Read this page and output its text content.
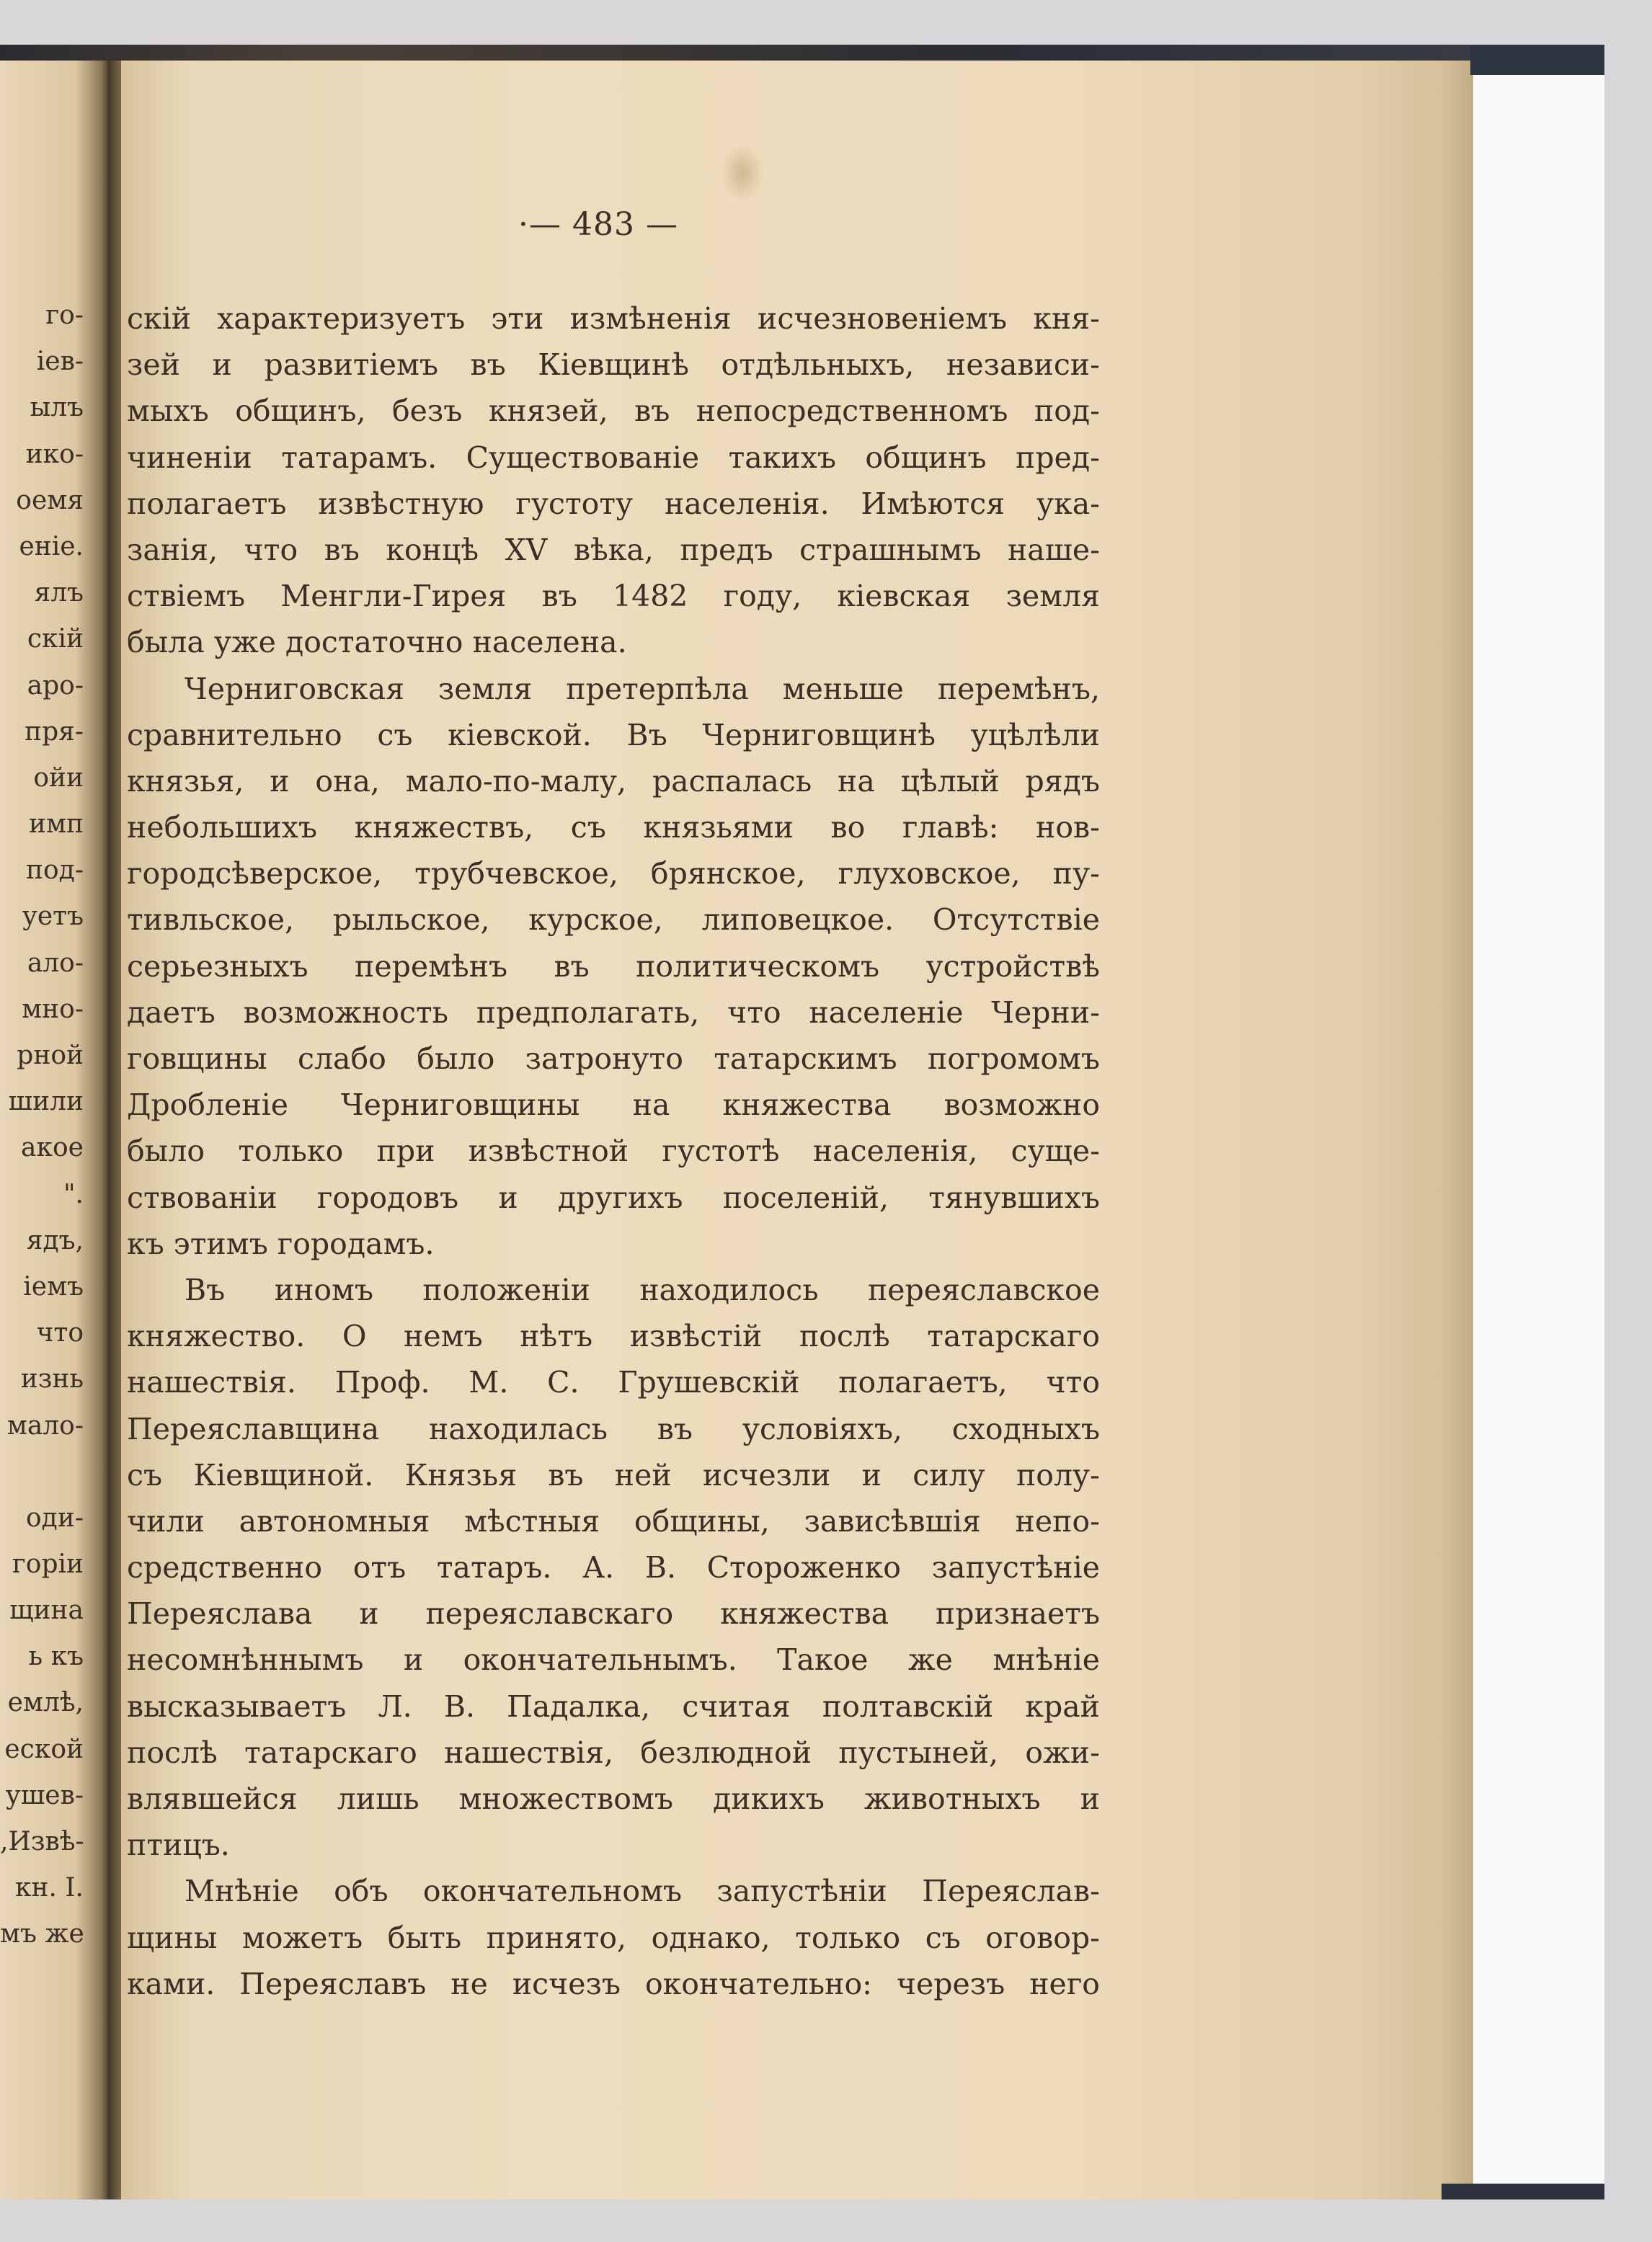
го-
iев-
ылъ
ико-
оемя
енiе.
ялъ
скiй
аро-
пря-
ойи
имп
под-
уетъ
ало-
мно-
рной
шили
акое
".
ядъ,
iемъ
что
изнь
мало-
оди-
горiи
щина
ь къ
емлѣ,
еской
ушев-
,Извѣ-
кн. I.
мъ же
·— 483 —
скiй характеризуетъ эти измѣненiя исчезновенiемъ кня-
зей и развитiемъ въ Кiевщинѣ отдѣльныхъ, независи-
мыхъ общинъ, безъ князей, въ непосредственномъ под-
чиненiи татарамъ. Существованiе такихъ общинъ пред-
полагаетъ извѣстную густоту населенiя. Имѣются ука-
занiя, что въ концѣ XV вѣка, предъ страшнымъ наше-
ствiемъ Менгли-Гирея въ 1482 году, кiевская земля
была уже достаточно населена.
Черниговская земля претерпѣла меньше перемѣнъ,
сравнительно съ кiевской. Въ Черниговщинѣ уцѣлѣли
князья, и она, мало-по-малу, распалась на цѣлый рядъ
небольшихъ княжествъ, съ князьями во главѣ: нов-
городсѣверское, трубчевское, брянское, глуховское, пу-
тивльское, рыльское, курское, липовецкое. Отсутствiе
серьезныхъ перемѣнъ въ политическомъ устройствѣ
даетъ возможность предполагать, что населенiе Черни-
говщины слабо было затронуто татарскимъ погромомъ
Дробленiе Черниговщины на княжества возможно
было только при извѣстной густотѣ населенiя, суще-
ствованiи городовъ и другихъ поселенiй, тянувшихъ
къ этимъ городамъ.
Въ иномъ положенiи находилось переяславское
княжество. О немъ нѣтъ извѣстiй послѣ татарскаго
нашествiя. Проф. М. С. Грушевскiй полагаетъ, что
Переяславщина находилась въ условiяхъ, сходныхъ
съ Кiевщиной. Князья въ ней исчезли и силу полу-
чили автономныя мѣстныя общины, зависѣвшiя непо-
средственно отъ татаръ. А. В. Стороженко запустѣнiе
Переяслава и переяславскаго княжества признаетъ
несомнѣннымъ и окончательнымъ. Такое же мнѣнiе
высказываетъ Л. В. Падалка, считая полтавскiй край
послѣ татарскаго нашествiя, безлюдной пустыней, ожи-
влявшейся лишь множествомъ дикихъ животныхъ и
птицъ.
Мнѣнiе объ окончательномъ запустѣнiи Переяслав-
щины можетъ быть принято, однако, только съ оговор-
ками. Переяславъ не исчезъ окончательно: черезъ него
